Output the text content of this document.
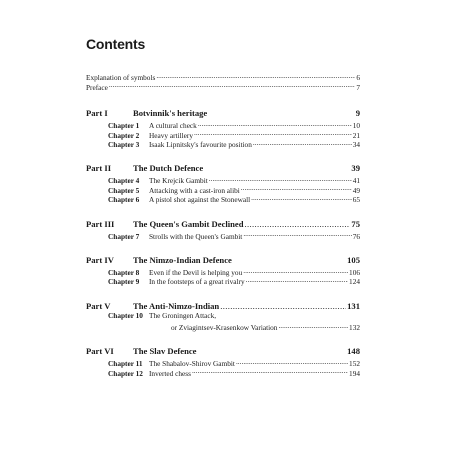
Contents
Explanation of symbols . . .	6
Preface . . .	7
Part I	Botvinnik's heritage . . .	9
Chapter 1	A cultural check . . .	10
Chapter 2	Heavy artillery . . .	21
Chapter 3	Isaak Lipnitsky's favourite position . . .	34
Part II	The Dutch Defence . . .	39
Chapter 4	The Krejcik Gambit . . .	41
Chapter 5	Attacking with a cast-iron alibi . . .	49
Chapter 6	A pistol shot against the Stonewall . . .	65
Part III	The Queen's Gambit Declined . . .	75
Chapter 7	Strolls with the Queen's Gambit . . .	76
Part IV	The Nimzo-Indian Defence . . .	105
Chapter 8	Even if the Devil is helping you . . .	106
Chapter 9	In the footsteps of a great rivalry . . .	124
Part V	The Anti-Nimzo-Indian . . .	131
Chapter 10 The Groningen Attack,
or Zviagintsev-Krasenkow Variation . . .	132
Part VI	The Slav Defence . . .	148
Chapter 11 The Shabalov-Shirov Gambit . . .	152
Chapter 12 Inverted chess . . .	194
